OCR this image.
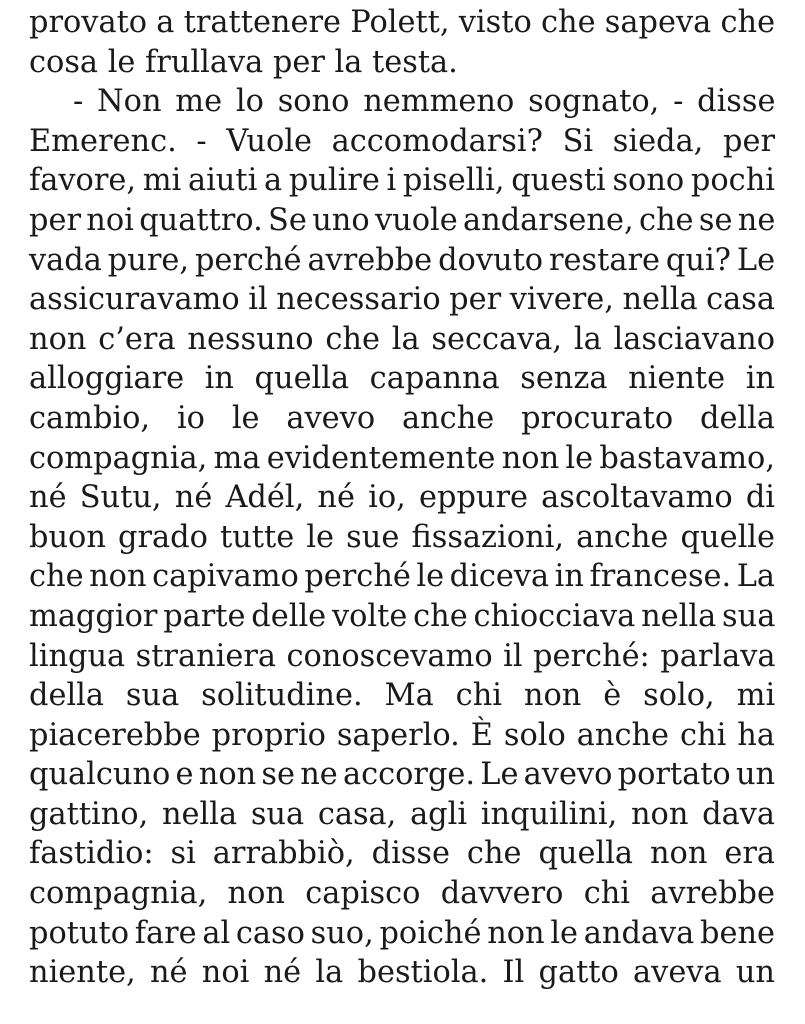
provato a trattenere Polett, visto che sapeva che
cosa le frullava per la testa.

- Non me lo sono nemmeno sognato, - disse
Emerenc. - Vuole accomodarsi? Si sieda, per
favore, mi aiuti a pulire i piselli, questi sono pochi
per noi quattro. Se uno vuole andarsene, che se ne
vada pure, perché avrebbe dovuto restare qui? Le
assicuravamo il necessario per vivere, nella casa
non c’era nessuno che la seccava, la lasciavano
alloggiare in quella capanna senza niente in
cambio, io le avevo anche procurato della
compagnia, ma evidentemente non le bastavamo,
né Sutu, né Adél, né io, eppure ascoltavamo di
buon grado tutte le sue fissazioni, anche quelle
che non capivamo perché le diceva in francese. La
maggior parte delle volte che chiocciava nella sua
lingua straniera conoscevamo il perché: parlava
della sua solitudine. Ma chi non è solo, mi
piacerebbe proprio saperlo. È solo anche chi ha
qualcuno e non se ne accorge. Le avevo portato un
gattino, nella sua casa, agli inquilini, non dava
fastidio: si arrabbiò, disse che quella non era
compagnia, non capisco davvero chi avrebbe
potuto fare al caso suo, poiché non le andava bene
niente, né noi né la bestiola. Il gatto aveva un
